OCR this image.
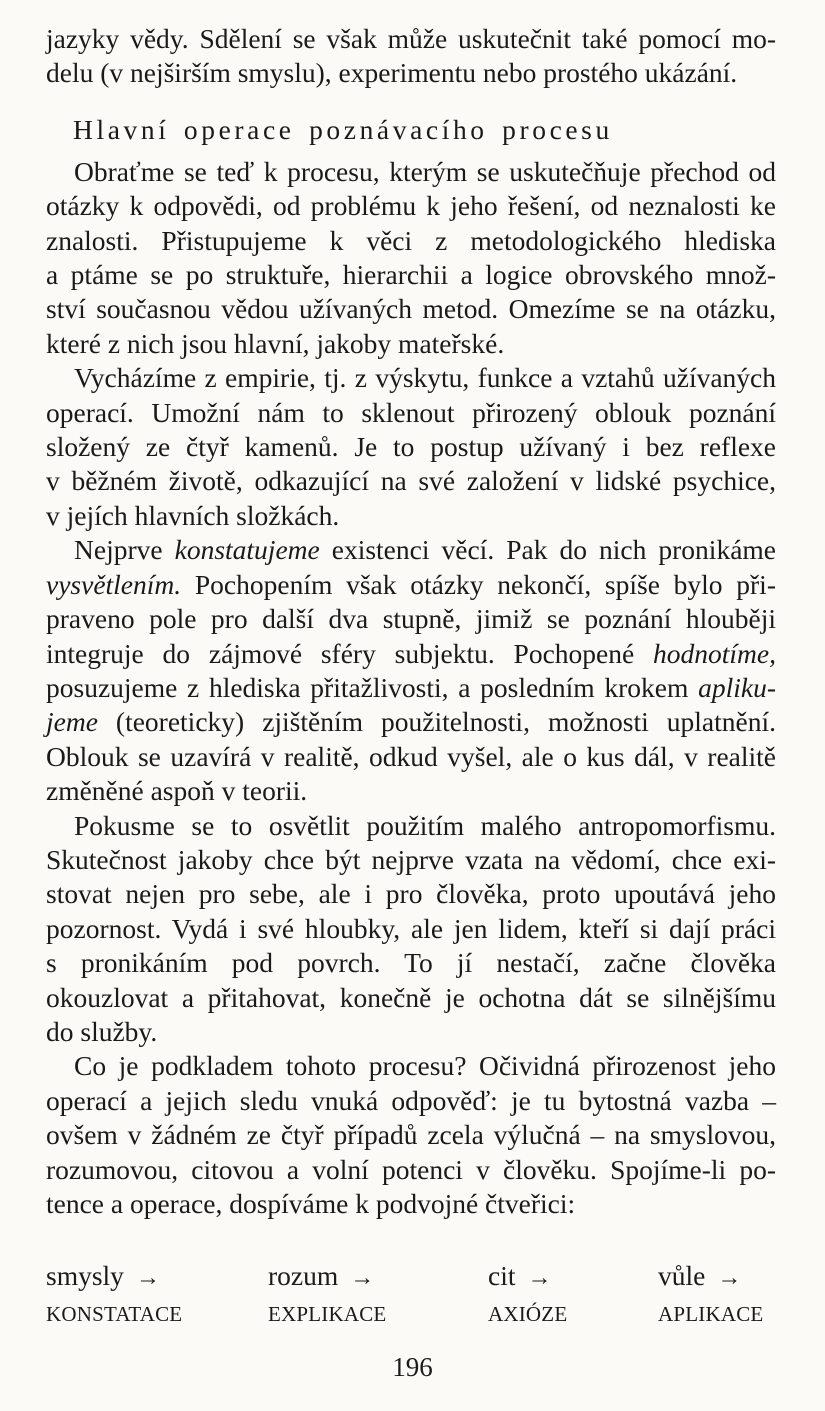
jazyky vědy. Sdělení se však může uskutečnit také pomocí mo-
delu (v nejširším smyslu), experimentu nebo prostého ukázání.

Hlavní operace poznávacího procesu

Obraťme se teď k procesu, kterým se uskutečňuje přechod od
otázky k odpovědi, od problému k jeho řešení, od neznalosti ke
znalosti. Přistupujeme k věci z metodologického hlediska
a ptáme se po struktuře, hierarchii a logice obrovského množ-
ství současnou vědou užívaných metod. Omezíme se na otázku,
které z nich jsou hlavní, jakoby mateřské.

Vycházíme z empirie, tj. z výskytu, funkce a vztahů užívaných
operací. Umožní nám to sklenout přirozený oblouk poznání
složený ze čtyř kamenů. Je to postup užívaný i bez reflexe
v běžném životě, odkazující na své založení v lidské psychice,
v jejích hlavních složkách.

Nejprve konstatujeme existenci věcí. Pak do nich pronikáme
vysvětlením. Pochopením však otázky nekončí, spíše bylo při-
praveno pole pro další dva stupně, jimiž se poznání hlouběji
integruje do zájmové sféry subjektu. Pochopené hodnotíme,
posuzujeme z hlediska přitažlivosti, a posledním krokem apliku-
jeme (teoreticky) zjištěním použitelnosti, možnosti uplatnění.
Oblouk se uzavírá v realitě, odkud vyšel, ale o kus dál, v realitě
změněné aspoň v teorii.

Pokusme se to osvětlit použitím malého antropomorfismu.
Skutečnost jakoby chce být nejprve vzata na vědomí, chce exi-
stovat nejen pro sebe, ale i pro člověka, proto upoutává jeho
pozornost. Vydá i své hloubky, ale jen lidem, kteří si dají práci
s pronikáním pod povrch. To jí nestačí, začne člověka
okouzlovat a přitahovat, konečně je ochotna dát se silnějšímu
do služby.

Co je podkladem tohoto procesu? Očividná přirozenost jeho
operací a jejich sledu vnuká odpověď: je tu bytostná vazba –
ovšem v žádném ze čtyř případů zcela výlučná – na smyslovou,
rozumovou, citovou a volní potenci v člověku. Spojíme-li po-
tence a operace, dospíváme k podvojné čtveřici:

smysly →
KONSTATACE
rozum →
EXPLIKACE
cit →
AXIÓZE
vůle →
APLIKACE
196
